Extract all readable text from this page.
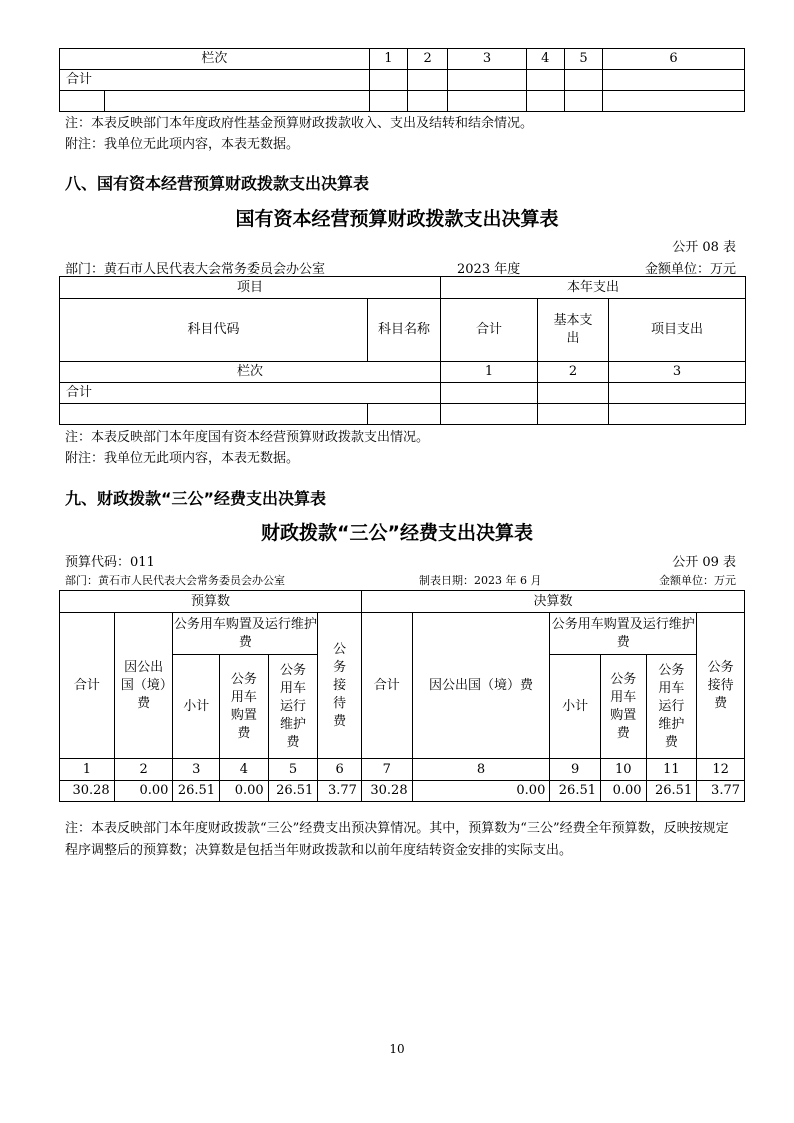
栏次		1	2	3	4	5	6
合计							

注：本表反映部门本年度政府性基金预算财政拨款收入、支出及结转和结余情况。
附注：我单位无此项内容，本表无数据。
八、国有资本经营预算财政拨款支出决算表
国有资本经营预算财政拨款支出决算表
公开 08 表
部门：黄石市人民代表大会常务委员会办公室	2023 年度	金额单位：万元
项目		本年支出		
科目代码	科目名称	合计	基本支出	项目支出
栏次		1	2	3
合计				

注：本表反映部门本年度国有资本经营预算财政拨款支出情况。
附注：我单位无此项内容，本表无数据。
九、财政拨款“三公”经费支出决算表
财政拨款“三公”经费支出决算表
预算代码：011	公开 09 表
部门：黄石市人民代表大会常务委员会办公室	制表日期：2023 年 6 月	金额单位：万元
预算数						决算数					
合计	因公出国（境）费	公务用车购置及运行维护费			公务接待费	合计	因公出国（境）费	公务用车购置及运行维护费			公务接待费
		小计	公务用车购置费	公务用车运行维护费				小计	公务用车购置费	公务用车运行维护费	
1	2	3	4	5	6	7	8	9	10	11	12
30.28	0.00	26.51	0.00	26.51	3.77	30.28	0.00	26.51	0.00	26.51	3.77
注：本表反映部门本年度财政拨款“三公”经费支出预决算情况。其中，预算数为“三公”经费全年预算数，反映按规定程序调整后的预算数；决算数是包括当年财政拨款和以前年度结转资金安排的实际支出。
10
